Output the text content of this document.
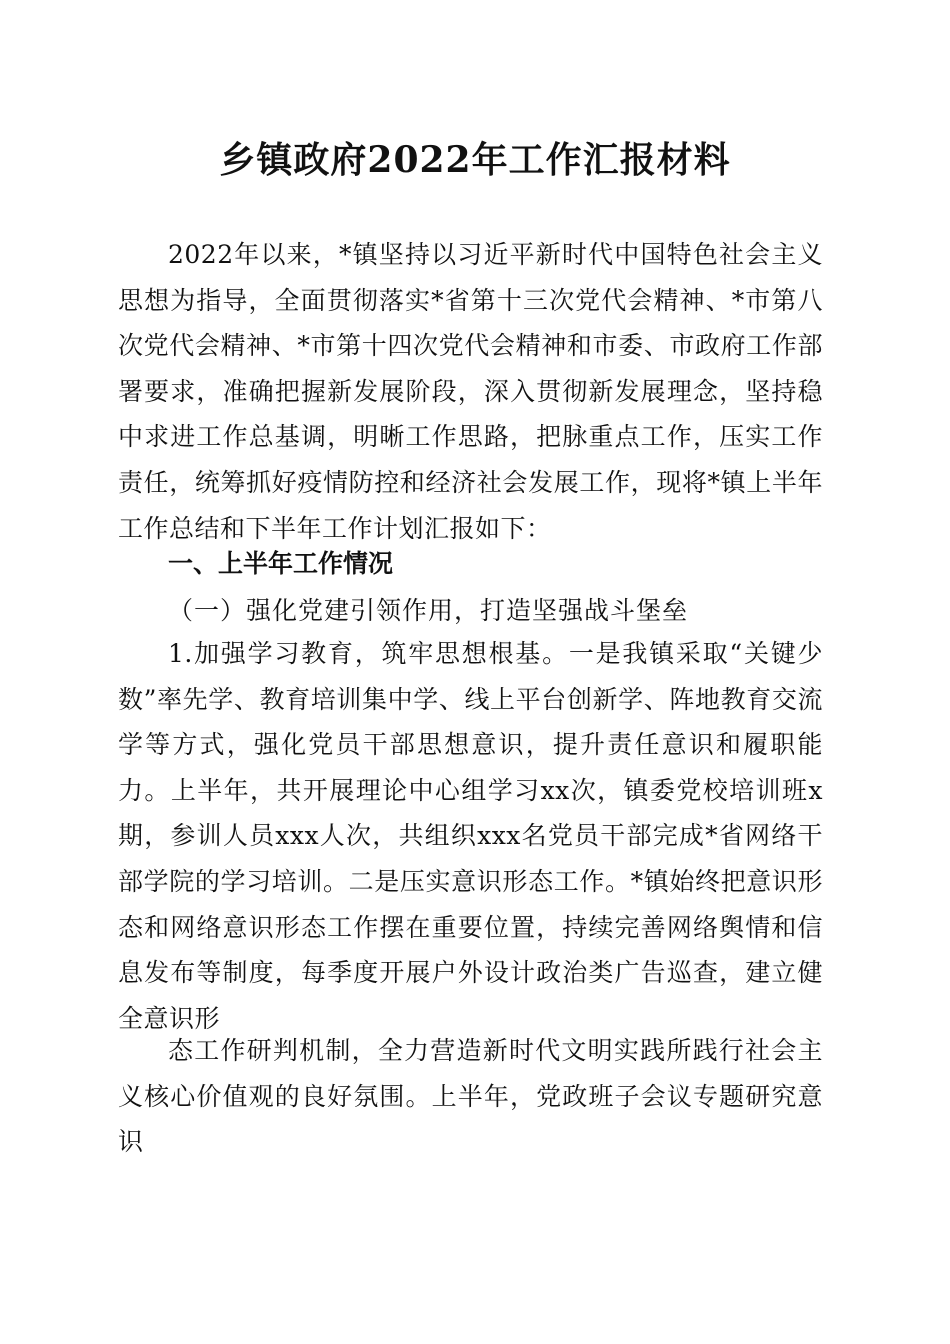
乡镇政府2022年工作汇报材料

2022年以来，*镇坚持以习近平新时代中国特色社会主义思想为指导，全面贯彻落实*省第十三次党代会精神、*市第八次党代会精神、*市第十四次党代会精神和市委、市政府工作部署要求，准确把握新发展阶段，深入贯彻新发展理念，坚持稳中求进工作总基调，明晰工作思路，把脉重点工作，压实工作责任，统筹抓好疫情防控和经济社会发展工作，现将*镇上半年工作总结和下半年工作计划汇报如下：

一、上半年工作情况
（一）强化党建引领作用，打造坚强战斗堡垒

1.加强学习教育，筑牢思想根基。一是我镇采取“关键少数”率先学、教育培训集中学、线上平台创新学、阵地教育交流学等方式，强化党员干部思想意识，提升责任意识和履职能力。上半年，共开展理论中心组学习xx次，镇委党校培训班x期，参训人员xxx人次，共组织xxx名党员干部完成*省网络干部学院的学习培训。二是压实意识形态工作。*镇始终把意识形态和网络意识形态工作摆在重要位置，持续完善网络舆情和信息发布等制度，每季度开展户外设计政治类广告巡查，建立健全意识形

态工作研判机制，全力营造新时代文明实践所践行社会主义核心价值观的良好氛围。上半年，党政班子会议专题研究意识
